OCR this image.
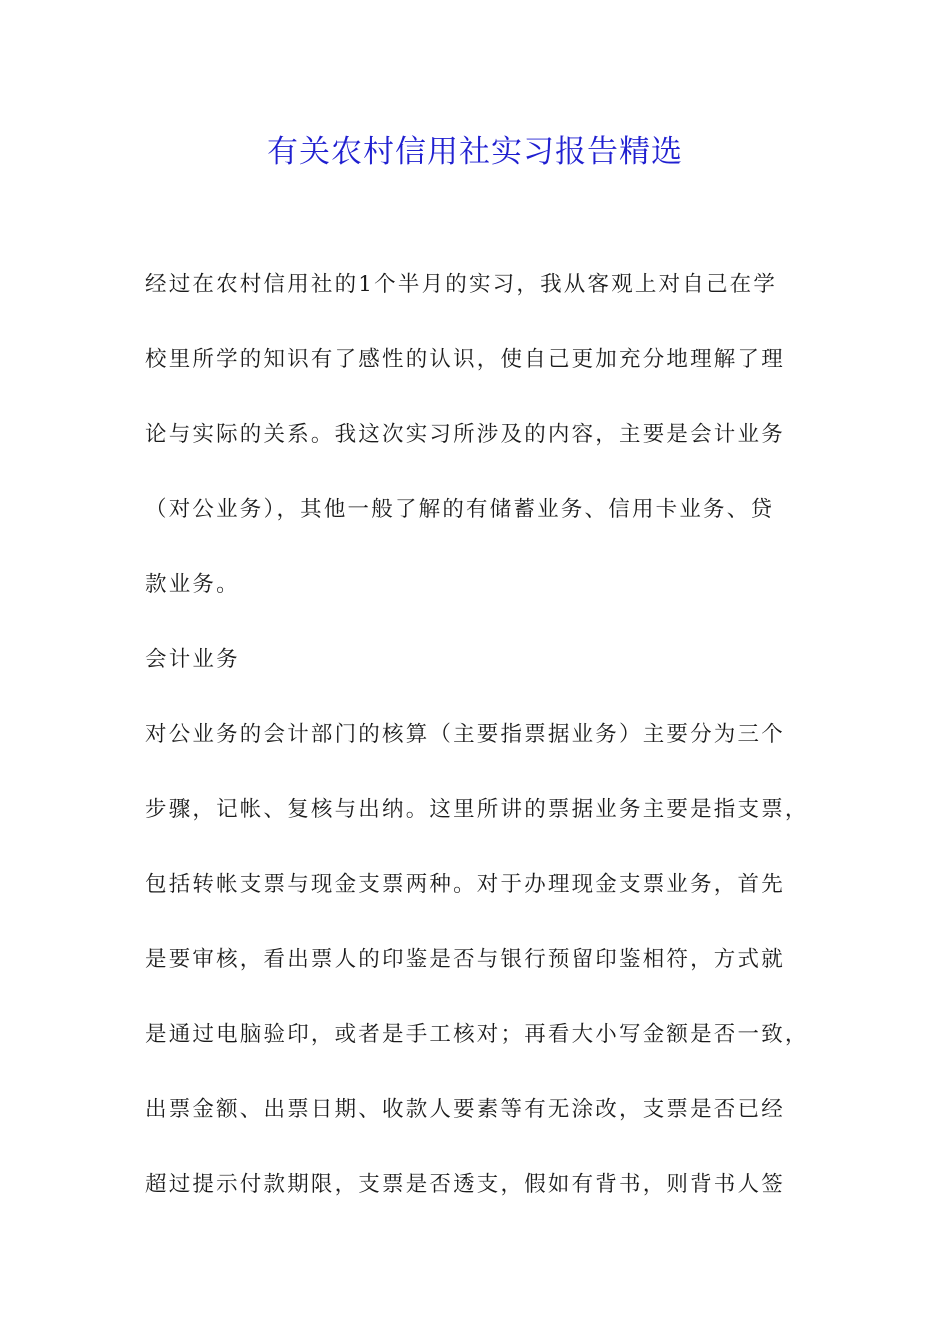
有关农村信用社实习报告精选
经过在农村信用社的1个半月的实习，我从客观上对自己在学
校里所学的知识有了感性的认识，使自己更加充分地理解了理
论与实际的关系。我这次实习所涉及的内容，主要是会计业务
（对公业务），其他一般了解的有储蓄业务、信用卡业务、贷
款业务。
会计业务
对公业务的会计部门的核算（主要指票据业务）主要分为三个
步骤，记帐、复核与出纳。这里所讲的票据业务主要是指支票，
包括转帐支票与现金支票两种。对于办理现金支票业务，首先
是要审核，看出票人的印鉴是否与银行预留印鉴相符，方式就
是通过电脑验印，或者是手工核对；再看大小写金额是否一致，
出票金额、出票日期、收款人要素等有无涂改，支票是否已经
超过提示付款期限，支票是否透支，假如有背书，则背书人签
